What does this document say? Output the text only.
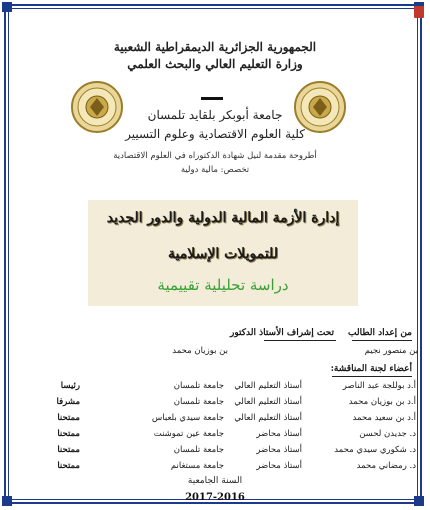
الجمهورية الجزائرية الديمقراطية الشعبية
وزارة التعليم العالي والبحث العلمي
جامعة أبوبكر بلقايد تلمسان
كلية العلوم الاقتصادية وعلوم التسيير
أطروحة مقدمة لنيل شهادة الدكتوراه في العلوم الاقتصادية
تخصص: مالية دولية
إدارة الأزمة المالية الدولية والدور الجديد
للتمويلات الإسلامية
دراسة تحليلية تقييمية
تحت إشراف الأستاذ الدكتور
بن بوزيان محمد
من إعداد الطالب
بن منصور نجيم
أعضاء لجنة المناقشة:
أ.د بوللجة عبد الناصر
أستاذ التعليم العالي
جامعة تلمسان
رئيسا
أ.د بن بوزيان محمد
أستاذ التعليم العالي
جامعة تلمسان
مشرفا
أ.د بن سعيد محمد
أستاذ التعليم العالي
جامعة سيدي بلعباس
ممتحنا
د. جديدن لحسن
أستاذ محاضر
جامعة عين تموشنت
ممتحنا
د. شكوري سيدي محمد
أستاذ محاضر
جامعة تلمسان
ممتحنا
د. رمضاني محمد
أستاذ محاضر
جامعة مستغانم
ممتحنا
السنة الجامعية
2017-2016
